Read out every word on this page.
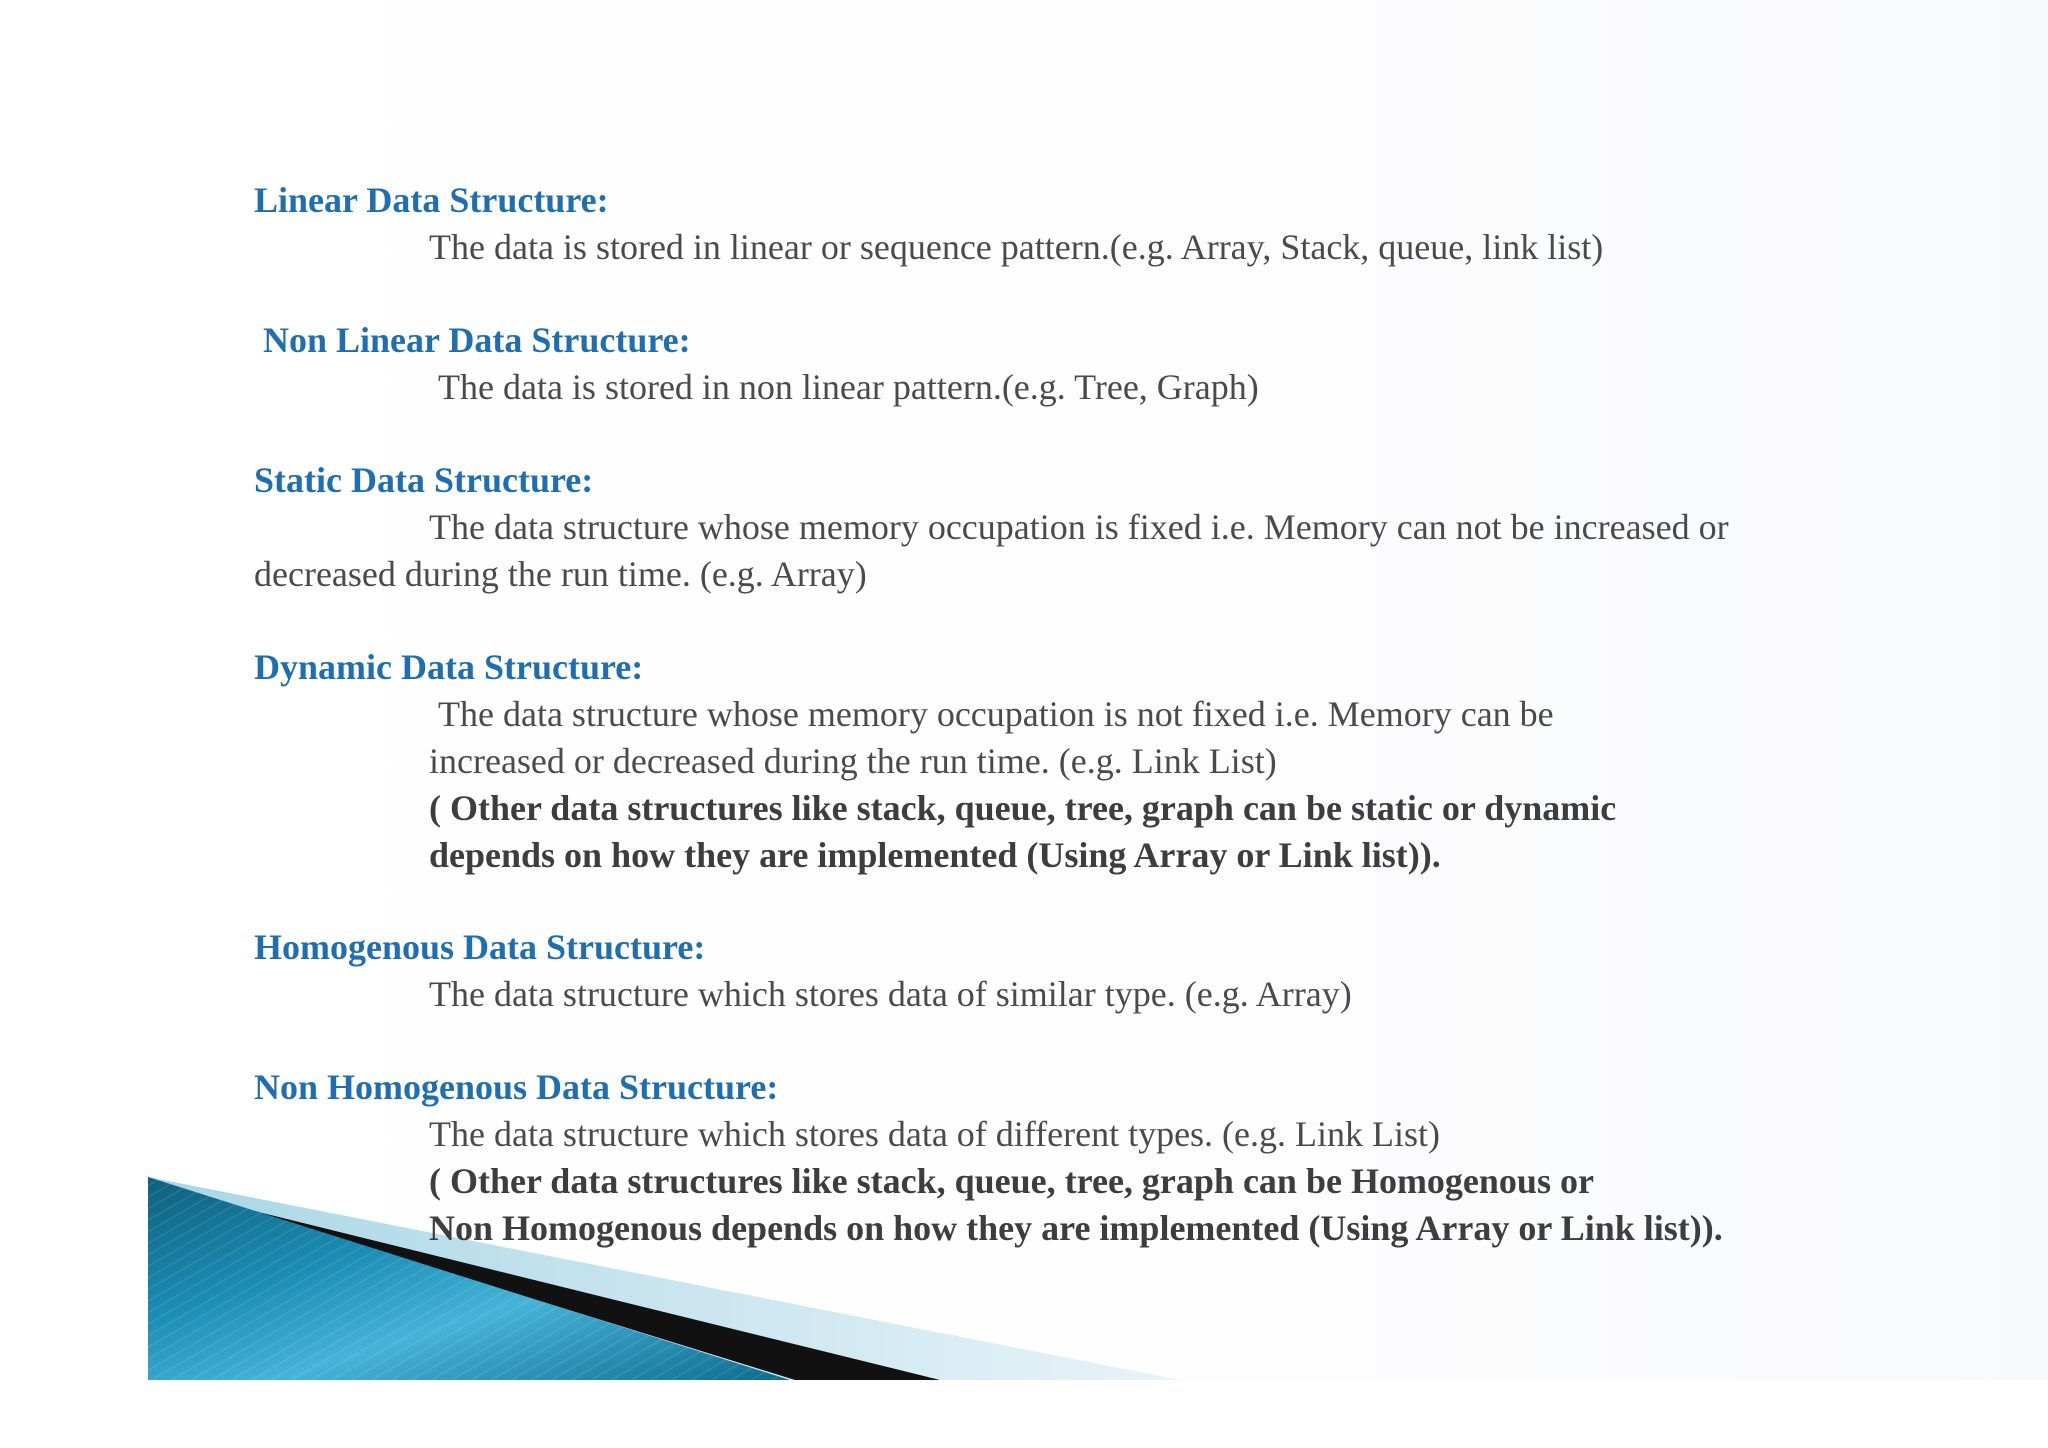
Linear Data Structure:
The data is stored in linear or sequence pattern.(e.g. Array, Stack, queue, link list)
Non Linear Data Structure:
The data is stored in non linear pattern.(e.g. Tree, Graph)
Static Data Structure:
The data structure whose memory occupation is fixed i.e. Memory can not be increased or
decreased during the run time. (e.g. Array)
Dynamic Data Structure:
The data structure whose memory occupation is not fixed i.e. Memory can be
increased or decreased during the run time. (e.g. Link List)
( Other data structures like stack, queue, tree, graph can be static or dynamic
depends on how they are implemented (Using Array or Link list)).
Homogenous Data Structure:
The data structure which stores data of similar type. (e.g. Array)
Non Homogenous Data Structure:
The data structure which stores data of different types. (e.g. Link List)
( Other data structures like stack, queue, tree, graph can be Homogenous or
Non Homogenous depends on how they are implemented (Using Array or Link list)).
